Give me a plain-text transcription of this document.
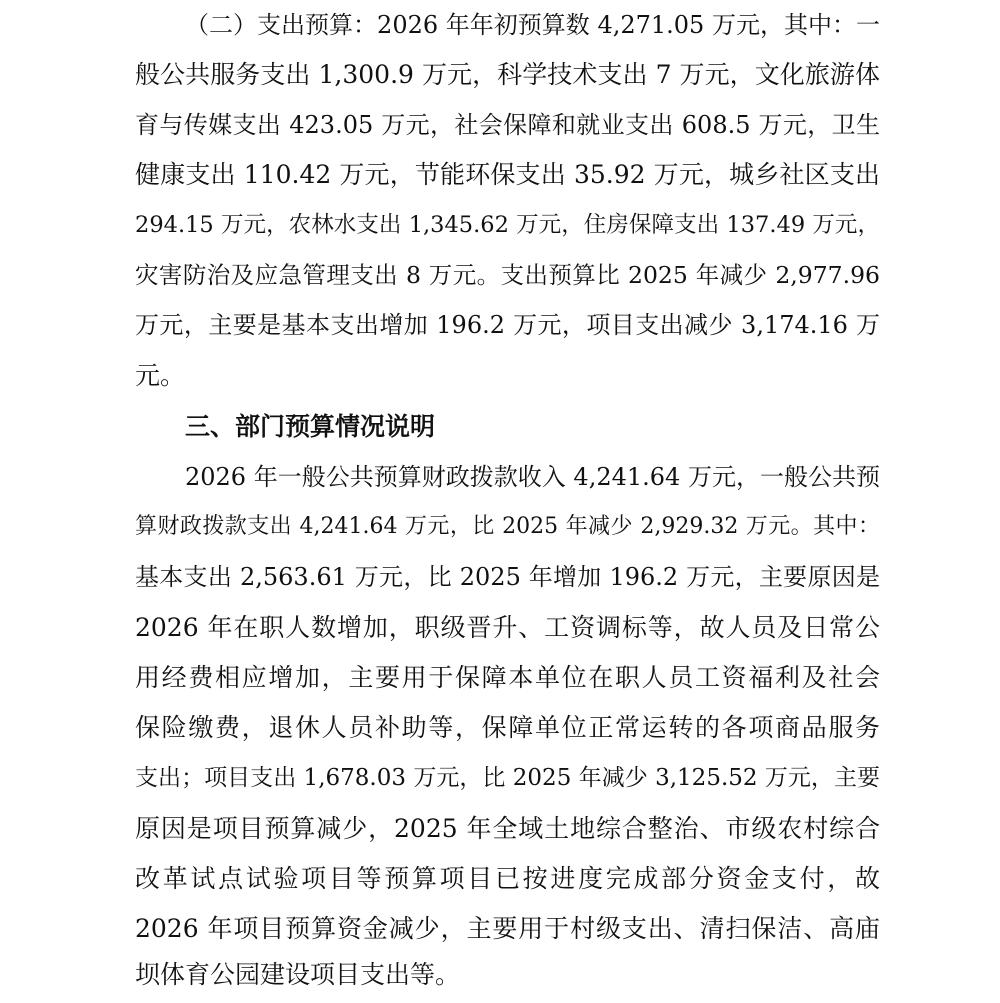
（二）支出预算：2026 年年初预算数 4,271.05 万元，其中：一
般公共服务支出 1,300.9 万元，科学技术支出 7 万元，文化旅游体
育与传媒支出 423.05 万元，社会保障和就业支出 608.5 万元，卫生
健康支出 110.42 万元，节能环保支出 35.92 万元，城乡社区支出
294.15 万元，农林水支出 1,345.62 万元，住房保障支出 137.49 万元，
灾害防治及应急管理支出 8 万元。支出预算比 2025 年减少 2,977.96
万元，主要是基本支出增加 196.2 万元，项目支出减少 3,174.16 万
元。
三、部门预算情况说明
2026 年一般公共预算财政拨款收入 4,241.64 万元，一般公共预
算财政拨款支出 4,241.64 万元，比 2025 年减少 2,929.32 万元。其中：
基本支出 2,563.61 万元，比 2025 年增加 196.2 万元，主要原因是
2026 年在职人数增加，职级晋升、工资调标等，故人员及日常公
用经费相应增加，主要用于保障本单位在职人员工资福利及社会
保险缴费，退休人员补助等，保障单位正常运转的各项商品服务
支出；项目支出 1,678.03 万元，比 2025 年减少 3,125.52 万元，主要
原因是项目预算减少，2025 年全域土地综合整治、市级农村综合
改革试点试验项目等预算项目已按进度完成部分资金支付，故
2026 年项目预算资金减少，主要用于村级支出、清扫保洁、高庙
坝体育公园建设项目支出等。
